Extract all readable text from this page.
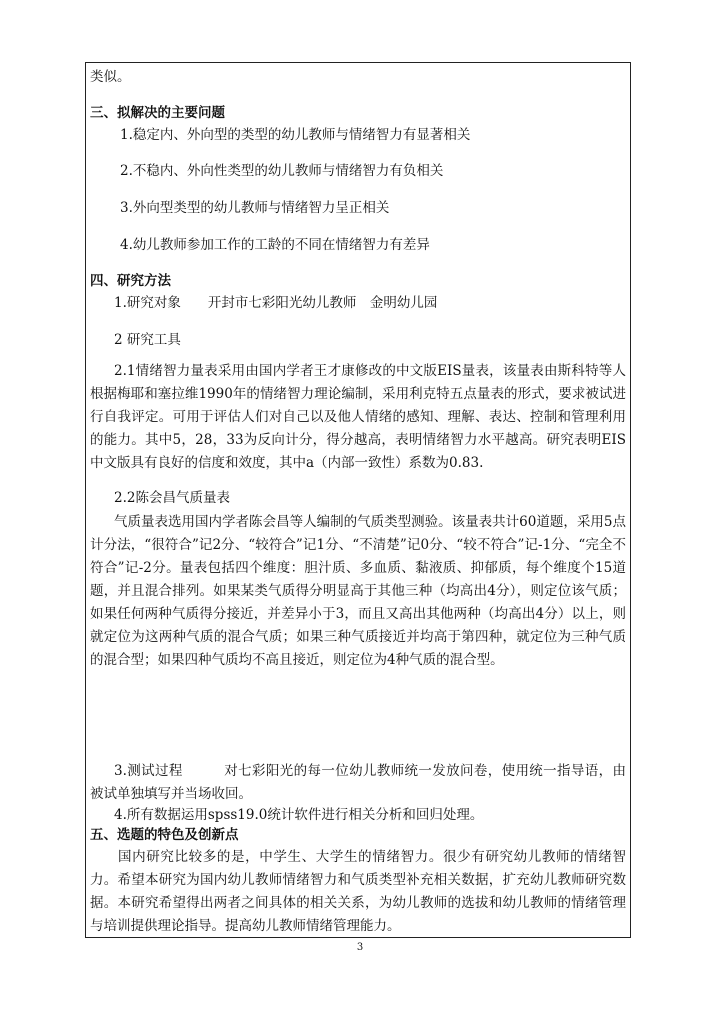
类似。
三、拟解决的主要问题
1.稳定内、外向型的类型的幼儿教师与情绪智力有显著相关
2.不稳内、外向性类型的幼儿教师与情绪智力有负相关
3.外向型类型的幼儿教师与情绪智力呈正相关
4.幼儿教师参加工作的工龄的不同在情绪智力有差异
四、研究方法
1.研究对象　　开封市七彩阳光幼儿教师　金明幼儿园
2 研究工具
2.1情绪智力量表采用由国内学者王才康修改的中文版EIS量表，该量表由斯科特等人根据梅耶和塞拉维1990年的情绪智力理论编制，采用利克特五点量表的形式，要求被试进行自我评定。可用于评估人们对自己以及他人情绪的感知、理解、表达、控制和管理利用的能力。其中5，28，33为反向计分，得分越高，表明情绪智力水平越高。研究表明EIS中文版具有良好的信度和效度，其中a（内部一致性）系数为0.83.
2.2陈会昌气质量表
气质量表选用国内学者陈会昌等人编制的气质类型测验。该量表共计60道题，采用5点计分法，“很符合”记2分、“较符合”记1分、“不清楚”记0分、“较不符合”记-1分、“完全不符合”记-2分。量表包括四个维度：胆汁质、多血质、黏液质、抑郁质，每个维度个15道题，并且混合排列。如果某类气质得分明显高于其他三种（均高出4分），则定位该气质；如果任何两种气质得分接近，并差异小于3，而且又高出其他两种（均高出4分）以上，则就定位为这两种气质的混合气质；如果三种气质接近并均高于第四种，就定位为三种气质的混合型；如果四种气质均不高且接近，则定位为4种气质的混合型。
3.测试过程　　　对七彩阳光的每一位幼儿教师统一发放问卷，使用统一指导语，由被试单独填写并当场收回。
4.所有数据运用spss19.0统计软件进行相关分析和回归处理。
五、选题的特色及创新点
国内研究比较多的是，中学生、大学生的情绪智力。很少有研究幼儿教师的情绪智力。希望本研究为国内幼儿教师情绪智力和气质类型补充相关数据，扩充幼儿教师研究数据。本研究希望得出两者之间具体的相关关系，为幼儿教师的选拔和幼儿教师的情绪管理与培训提供理论指导。提高幼儿教师情绪管理能力。
3
